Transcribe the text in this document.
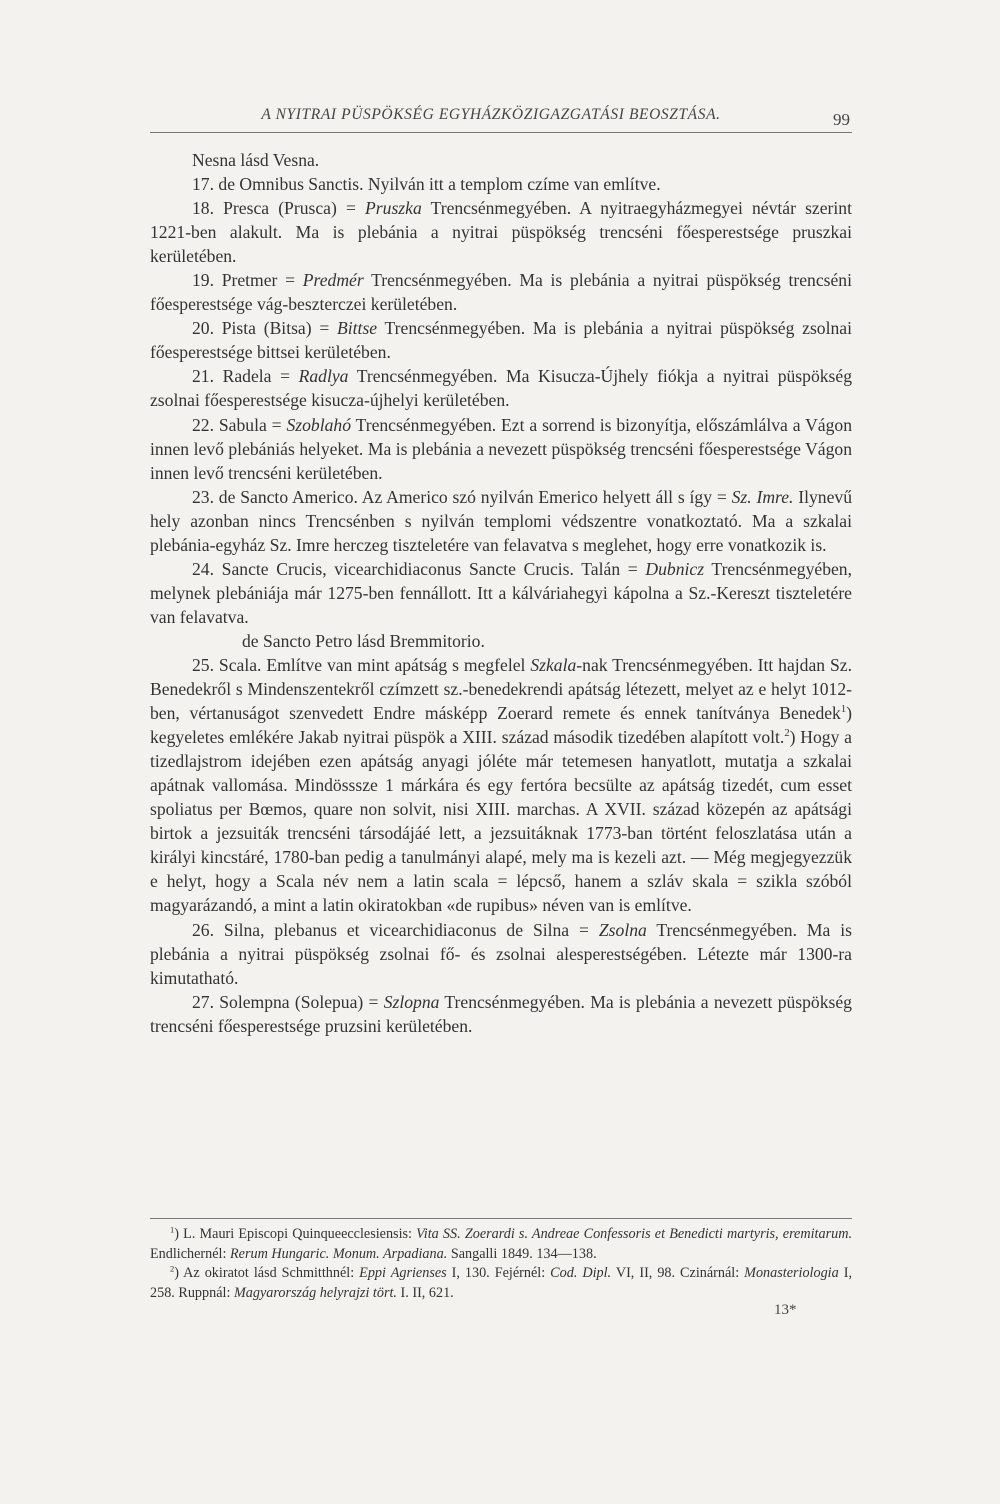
A NYITRAI PÜSPÖKSÉG EGYHÁZKÖZIGAZGATÁSI BEOSZTÁSA.	99

Nesna lásd Vesna.

17. de Omnibus Sanctis. Nyilván itt a templom czíme van említve.

18. Presca (Prusca) = Pruszka Trencsénmegyében. A nyitraegyházmegyei névtár szerint 1221-ben alakult. Ma is plebánia a nyitrai püspökség trencséni főesperestsége pruszkai kerületében.

19. Pretmer = Predmér Trencsénmegyében. Ma is plebánia a nyitrai püspökség trencséni főesperestsége vág-beszterczei kerületében.

20. Pista (Bitsa) = Bittse Trencsénmegyében. Ma is plebánia a nyitrai püspökség zsolnai főesperestsége bittsei kerületében.

21. Radela = Radlya Trencsénmegyében. Ma Kisucza-Újhely fiókja a nyitrai püspökség zsolnai főesperestsége kisucza-újhelyi kerületében.

22. Sabula = Szoblahó Trencsénmegyében. Ezt a sorrend is bizonyítja, előszámlálva a Vágon innen levő plebániás helyeket. Ma is plebánia a nevezett püspökség trencséni főesperestsége Vágon innen levő trencséni kerületében.

23. de Sancto Americo. Az Americo szó nyilván Emerico helyett áll s így = Sz. Imre. Ilynevű hely azonban nincs Trencsénben s nyilván templomi védszentre vonatkoztató. Ma a szkalai plebánia-egyház Sz. Imre herczeg tiszteletére van felavatva s meglehet, hogy erre vonatkozik is.

24. Sancte Crucis, vicearchidiaconus Sancte Crucis. Talán = Dubnicz Trencsénmegyében, melynek plebániája már 1275-ben fennállott. Itt a kálváriahegyi kápolna a Sz.-Kereszt tiszteletére van felavatva.

de Sancto Petro lásd Bremmitorio.

25. Scala. Említve van mint apátság s megfelel Szkala-nak Trencsénmegyében. Itt hajdan Sz. Benedekről s Mindenszentekről czímzett sz.-benedekrendi apátság létezett, melyet az e helyt 1012-ben, vértanuságot szenvedett Endre másképp Zoerard remete és ennek tanítványa Benedek$^1$) kegyeletes emlékére Jakab nyitrai püspök a XIII. század második tizedében alapított volt.$^2$) Hogy a tizedlajstrom idejében ezen apátság anyagi jóléte már tetemesen hanyatlott, mutatja a szkalai apátnak vallomása. Mindösssze 1 márkára és egy fertóra becsülte az apátság tizedét, cum esset spoliatus per Bœmos, quare non solvit, nisi XIII. marchas. A XVII. század közepén az apátsági birtok a jezsuiták trencséni társodájáé lett, a jezsuitáknak 1773-ban történt feloszlatása után a királyi kincstáré, 1780-ban pedig a tanulmányi alapé, mely ma is kezeli azt. — Még megjegyezzük e helyt, hogy a Scala név nem a latin scala = lépcső, hanem a szláv skala = szikla szóból magyarázandó, a mint a latin okiratokban «de rupibus» néven van is említve.

26. Silna, plebanus et vicearchidiaconus de Silna = Zsolna Trencsénmegyében. Ma is plebánia a nyitrai püspökség zsolnai fő- és zsolnai alesperestségében. Létezte már 1300-ra kimutatható.

27. Solempna (Solepua) = Szlopna Trencsénmegyében. Ma is plebánia a nevezett püspökség trencséni főesperestsége pruzsini kerületében.

$^1$) L. Mauri Episcopi Quinqueecclesiensis: Vita SS. Zoerardi s. Andreae Confessoris et Benedicti martyris, eremitarum. Endlichernél: Rerum Hungaric. Monum. Arpadiana. Sangalli 1849. 134—138.

$^2$) Az okiratot lásd Schmitthnél: Eppi Agrienses I, 130. Fejérnél: Cod. Dipl. VI, II, 98. Czinárnál: Monasteriologia I, 258. Ruppnál: Magyarország helyrajzi tört. I. II, 621.

13*
